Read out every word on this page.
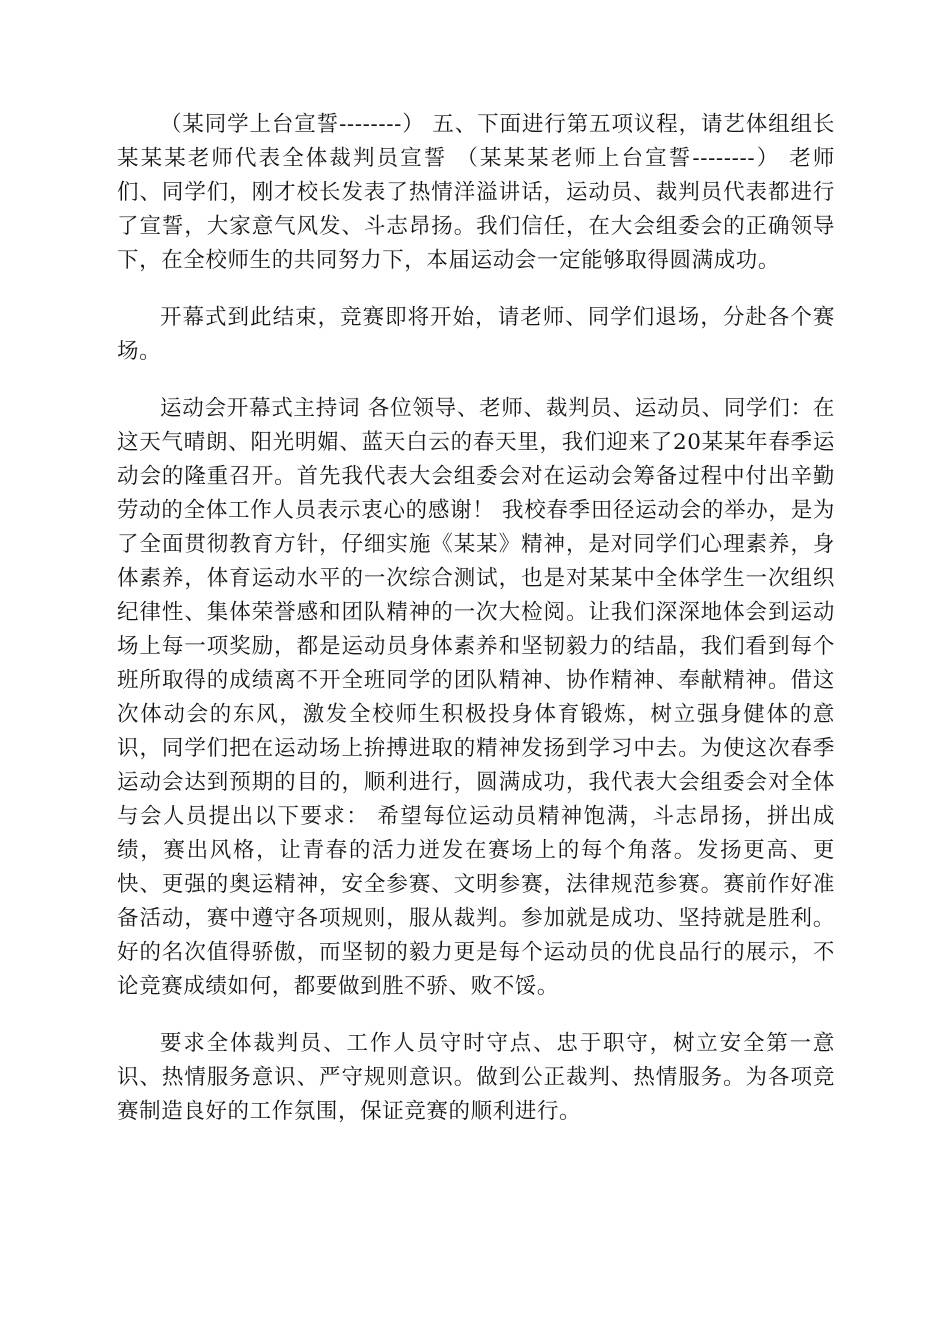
（某同学上台宣誓--------） 五、下面进行第五项议程，请艺体组组长某某某老师代表全体裁判员宣誓 （某某某老师上台宣誓--------） 老师们、同学们，刚才校长发表了热情洋溢讲话，运动员、裁判员代表都进行了宣誓，大家意气风发、斗志昂扬。我们信任，在大会组委会的正确领导下，在全校师生的共同努力下，本届运动会一定能够取得圆满成功。

开幕式到此结束，竞赛即将开始，请老师、同学们退场，分赴各个赛场。

运动会开幕式主持词 各位领导、老师、裁判员、运动员、同学们：在这天气晴朗、阳光明媚、蓝天白云的春天里，我们迎来了20某某年春季运动会的隆重召开。首先我代表大会组委会对在运动会筹备过程中付出辛勤劳动的全体工作人员表示衷心的感谢！ 我校春季田径运动会的举办，是为了全面贯彻教育方针，仔细实施《某某》精神，是对同学们心理素养，身体素养，体育运动水平的一次综合测试，也是对某某中全体学生一次组织纪律性、集体荣誉感和团队精神的一次大检阅。让我们深深地体会到运动场上每一项奖励，都是运动员身体素养和坚韧毅力的结晶，我们看到每个班所取得的成绩离不开全班同学的团队精神、协作精神、奉献精神。借这次体动会的东风，激发全校师生积极投身体育锻炼，树立强身健体的意识，同学们把在运动场上拚搏进取的精神发扬到学习中去。为使这次春季运动会达到预期的目的，顺利进行，圆满成功，我代表大会组委会对全体与会人员提出以下要求： 希望每位运动员精神饱满，斗志昂扬，拼出成绩，赛出风格，让青春的活力迸发在赛场上的每个角落。发扬更高、更快、更强的奥运精神，安全参赛、文明参赛，法律规范参赛。赛前作好准备活动，赛中遵守各项规则，服从裁判。参加就是成功、坚持就是胜利。好的名次值得骄傲，而坚韧的毅力更是每个运动员的优良品行的展示，不论竞赛成绩如何，都要做到胜不骄、败不馁。

要求全体裁判员、工作人员守时守点、忠于职守，树立安全第一意识、热情服务意识、严守规则意识。做到公正裁判、热情服务。为各项竞赛制造良好的工作氛围，保证竞赛的顺利进行。
